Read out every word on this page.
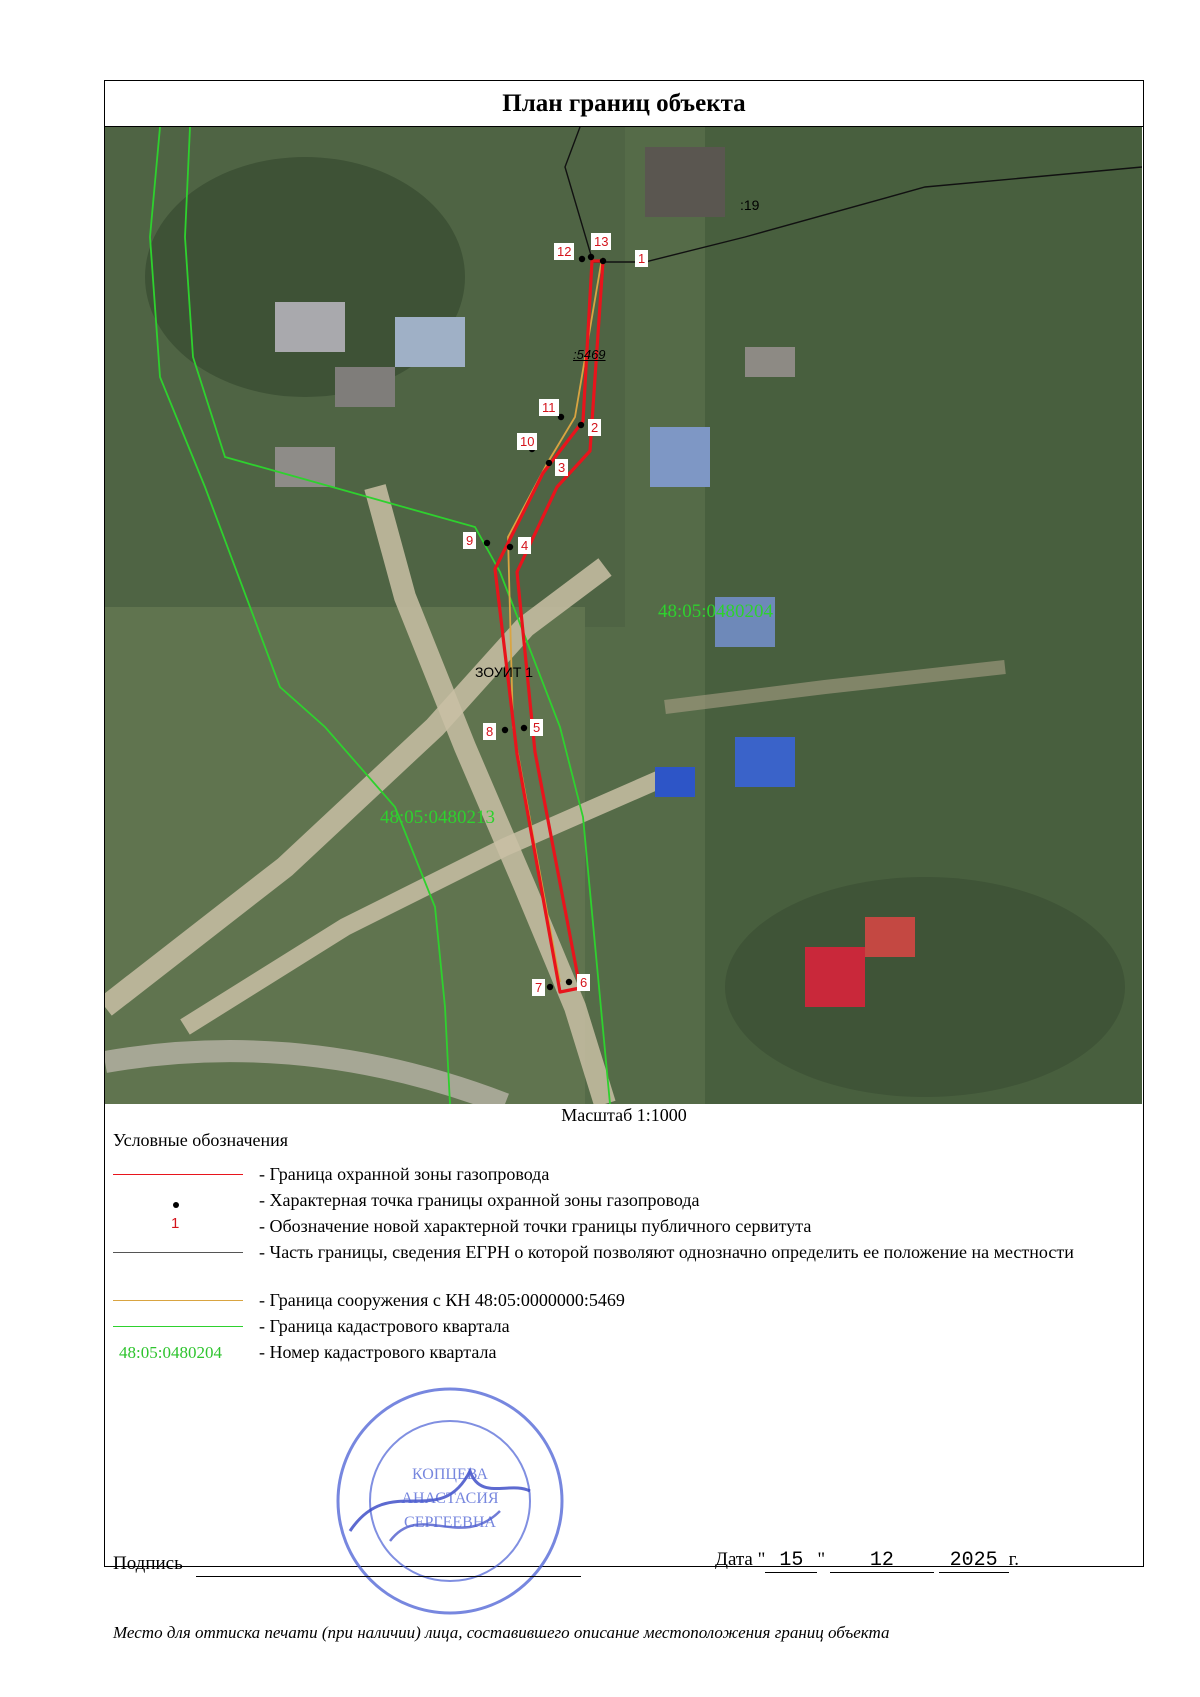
План границ объекта
1
2
3
4
5
6
7
8
9
10
11
12
13
:19
:5469
ЗОУИТ 1
48:05:0480204
48:05:0480213
Масштаб 1:1000
Условные обозначения
- Граница охранной зоны газопровода
- Характерная точка границы охранной зоны газопровода
1	- Обозначение новой характерной точки границы публичного сервитута
- Часть границы, сведения ЕГРН о которой позволяют однозначно определить ее положение на местности
- Граница сооружения с КН 48:05:0000000:5469
- Граница кадастрового квартала
48:05:0480204 - Номер кадастрового квартала
КОПЦЕВА
АНАСТАСИЯ
СЕРГЕЕВНА
Подпись	Дата " 15 " 12	2025 г.
Место для оттиска печати (при наличии) лица, составившего описание местоположения границ объекта
